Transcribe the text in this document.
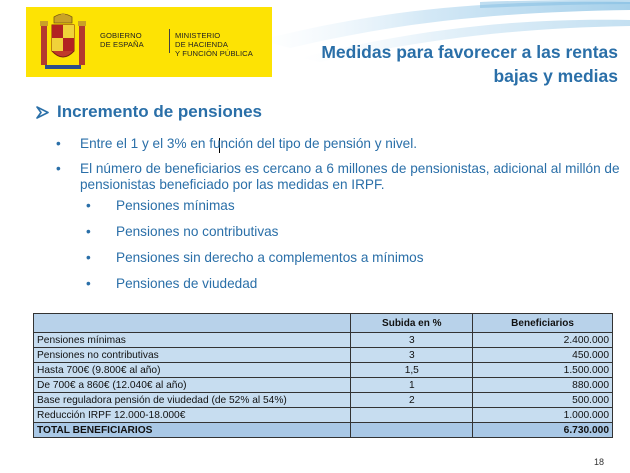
GOBIERNO
DE ESPAÑA
MINISTERIO
DE HACIENDA
Y FUNCIÓN PÚBLICA	Medidas para favorecer a las rentas
bajas y medias
Incremento de pensiones
• Entre el 1 y el 3% en función del tipo de pensión y nivel.
• El número de beneficiarios es cercano a 6 millones de pensionistas, adicional al millón de pensionistas beneficiado por las medidas en IRPF.
• Pensiones mínimas
• Pensiones no contributivas
• Pensiones sin derecho a complementos a mínimos
• Pensiones de viudedad
	Subida en %	Beneficiarios
Pensiones mínimas	3	2.400.000
Pensiones no contributivas	3	450.000
Hasta 700€ (9.800€ al año)	1,5	1.500.000
De 700€ a 860€ (12.040€ al año)	1	880.000
Base reguladora pensión de viudedad (de 52% al 54%)	2	500.000
Reducción IRPF 12.000-18.000€		1.000.000
TOTAL BENEFICIARIOS		6.730.000
18
